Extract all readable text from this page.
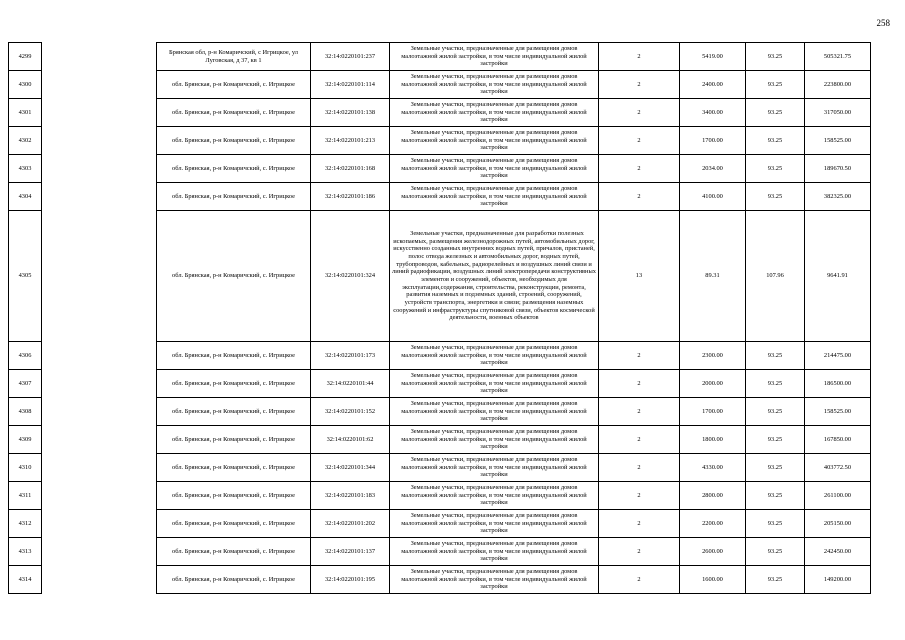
258
4299		Брянская обл, р-н Комаричский, с Игрицкое, ул Луговская, д 37, кв 1	32:14:0220101:237	Земельные участки, предназначенные для размещения домов малоэтажной жилой застройки, в том числе индивидуальной жилой застройки	2	5419.00	93.25	505321.75
4300		обл. Брянская, р-н Комаричский, с. Игрицкое	32:14:0220101:114	Земельные участки, предназначенные для размещения домов малоэтажной жилой застройки, в том числе индивидуальной жилой застройки	2	2400.00	93.25	223800.00
4301		обл. Брянская, р-н Комаричский, с. Игрицкое	32:14:0220101:138	Земельные участки, предназначенные для размещения домов малоэтажной жилой застройки, в том числе индивидуальной жилой застройки	2	3400.00	93.25	317050.00
4302		обл. Брянская, р-н Комаричский, с. Игрицкое	32:14:0220101:213	Земельные участки, предназначенные для размещения домов малоэтажной жилой застройки, в том числе индивидуальной жилой застройки	2	1700.00	93.25	158525.00
4303		обл. Брянская, р-н Комаричский, с. Игрицкое	32:14:0220101:168	Земельные участки, предназначенные для размещения домов малоэтажной жилой застройки, в том числе индивидуальной жилой застройки	2	2034.00	93.25	189670.50
4304		обл. Брянская, р-н Комаричский, с. Игрицкое	32:14:0220101:186	Земельные участки, предназначенные для размещения домов малоэтажной жилой застройки, в том числе индивидуальной жилой застройки	2	4100.00	93.25	382325.00
4305		обл. Брянская, р-н Комаричский, с. Игрицкое	32:14:0220101:324	Земельные участки, предназначенные для разработки полезных ископаемых, размещения железнодорожных путей, автомобильных дорог, искусственно созданных внутренних водных путей, причалов, пристаней, полос отвода железных и автомобильных дорог, водных путей, трубопроводов, кабельных, радиорелейных и воздушных линий связи и линий радиофикации, воздушных линий электропередачи конструктивных элементов и сооружений, объектов, необходимых для эксплуатации,содержания, строительства, реконструкции, ремонта, развития наземных и подземных зданий, строений, сооружений, устройств транспорта, энергетики и связи; размещения наземных сооружений и инфраструктуры спутниковой связи, объектов космической деятельности, военных объектов	13	89.31	107.96	9641.91
4306		обл. Брянская, р-н Комаричский, с. Игрицкое	32:14:0220101:173	Земельные участки, предназначенные для размещения домов малоэтажной жилой застройки, в том числе индивидуальной жилой застройки	2	2300.00	93.25	214475.00
4307		обл. Брянская, р-н Комаричский, с. Игрицкое	32:14:0220101:44	Земельные участки, предназначенные для размещения домов малоэтажной жилой застройки, в том числе индивидуальной жилой застройки	2	2000.00	93.25	186500.00
4308		обл. Брянская, р-н Комаричский, с. Игрицкое	32:14:0220101:152	Земельные участки, предназначенные для размещения домов малоэтажной жилой застройки, в том числе индивидуальной жилой застройки	2	1700.00	93.25	158525.00
4309		обл. Брянская, р-н Комаричский, с. Игрицкое	32:14:0220101:62	Земельные участки, предназначенные для размещения домов малоэтажной жилой застройки, в том числе индивидуальной жилой застройки	2	1800.00	93.25	167850.00
4310		обл. Брянская, р-н Комаричский, с. Игрицкое	32:14:0220101:344	Земельные участки, предназначенные для размещения домов малоэтажной жилой застройки, в том числе индивидуальной жилой застройки	2	4330.00	93.25	403772.50
4311		обл. Брянская, р-н Комаричский, с. Игрицкое	32:14:0220101:183	Земельные участки, предназначенные для размещения домов малоэтажной жилой застройки, в том числе индивидуальной жилой застройки	2	2800.00	93.25	261100.00
4312		обл. Брянская, р-н Комаричский, с. Игрицкое	32:14:0220101:202	Земельные участки, предназначенные для размещения домов малоэтажной жилой застройки, в том числе индивидуальной жилой застройки	2	2200.00	93.25	205150.00
4313		обл. Брянская, р-н Комаричский, с. Игрицкое	32:14:0220101:137	Земельные участки, предназначенные для размещения домов малоэтажной жилой застройки, в том числе индивидуальной жилой застройки	2	2600.00	93.25	242450.00
4314		обл. Брянская, р-н Комаричский, с. Игрицкое	32:14:0220101:195	Земельные участки, предназначенные для размещения домов малоэтажной жилой застройки, в том числе индивидуальной жилой застройки	2	1600.00	93.25	149200.00
